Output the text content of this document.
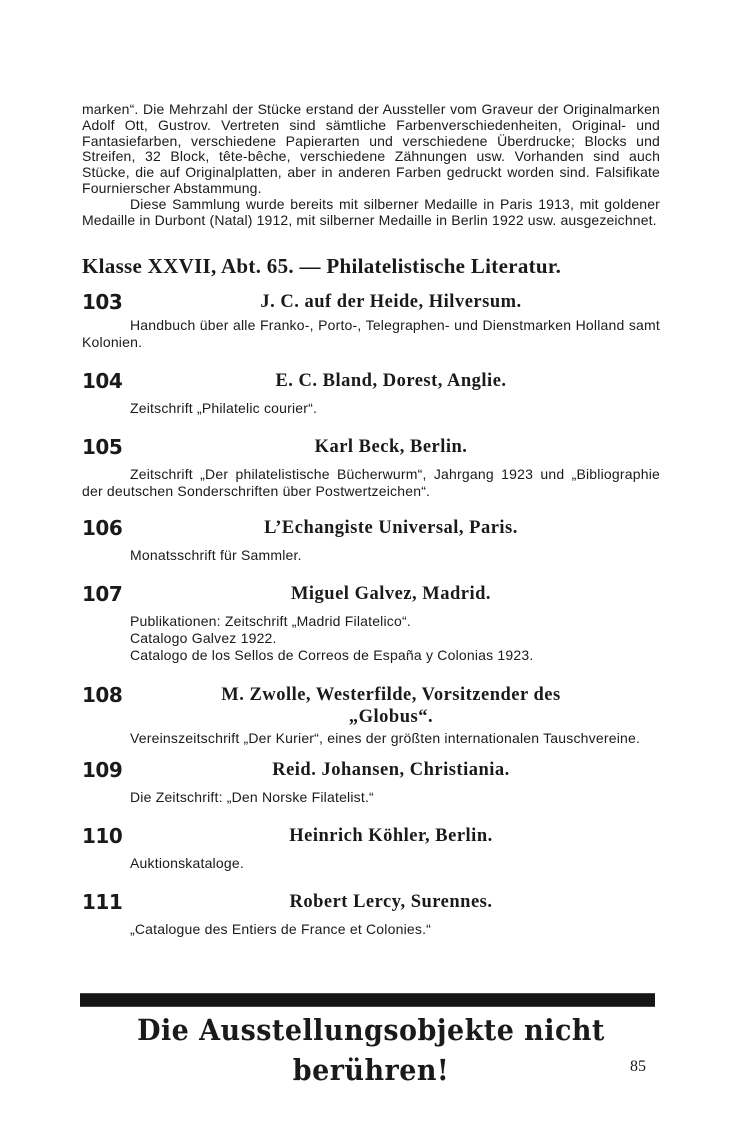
marken“. Die Mehrzahl der Stücke erstand der Aussteller vom Graveur der Originalmarken Adolf Ott, Gustrov. Vertreten sind sämtliche Farbenverschiedenheiten, Original- und Fantasiefarben, verschiedene Papierarten und verschiedene Überdrucke; Blocks und Streifen, 32 Block, tête-bêche, verschiedene Zähnungen usw. Vorhanden sind auch Stücke, die auf Originalplatten, aber in anderen Farben gedruckt worden sind. Falsifikate Fournierscher Abstammung.

Diese Sammlung wurde bereits mit silberner Medaille in Paris 1913, mit goldener Medaille in Durbont (Natal) 1912, mit silberner Medaille in Berlin 1922 usw. ausgezeichnet.

Klasse XXVII, Abt. 65. — Philatelistische Literatur.
103	J. C. auf der Heide, Hilversum.
Handbuch über alle Franko-, Porto-, Telegraphen- und Dienstmarken Holland samt Kolonien.
104	E. C. Bland, Dorest, Anglie.
Zeitschrift „Philatelic courier“.
105	Karl Beck, Berlin.
Zeitschrift „Der philatelistische Bücherwurm“, Jahrgang 1923 und „Bibliographie der deutschen Sonderschriften über Postwertzeichen“.
106	L’Echangiste Universal, Paris.
Monatsschrift für Sammler.
107	Miguel Galvez, Madrid.
Publikationen: Zeitschrift „Madrid Filatelico“.
Catalogo Galvez 1922.
Catalogo de los Sellos de Correos de España y Colonias 1923.
108	M. Zwolle, Westerfilde, Vorsitzender des
„Globus“.
Vereinszeitschrift „Der Kurier“, eines der größten internationalen Tauschvereine.
109	Reid. Johansen, Christiania.
Die Zeitschrift: „Den Norske Filatelist.“
110	Heinrich Köhler, Berlin.
Auktionskataloge.
111	Robert Lercy, Surennes.
„Catalogue des Entiers de France et Colonies.“
Die Ausstellungsobjekte nicht berühren!	85
